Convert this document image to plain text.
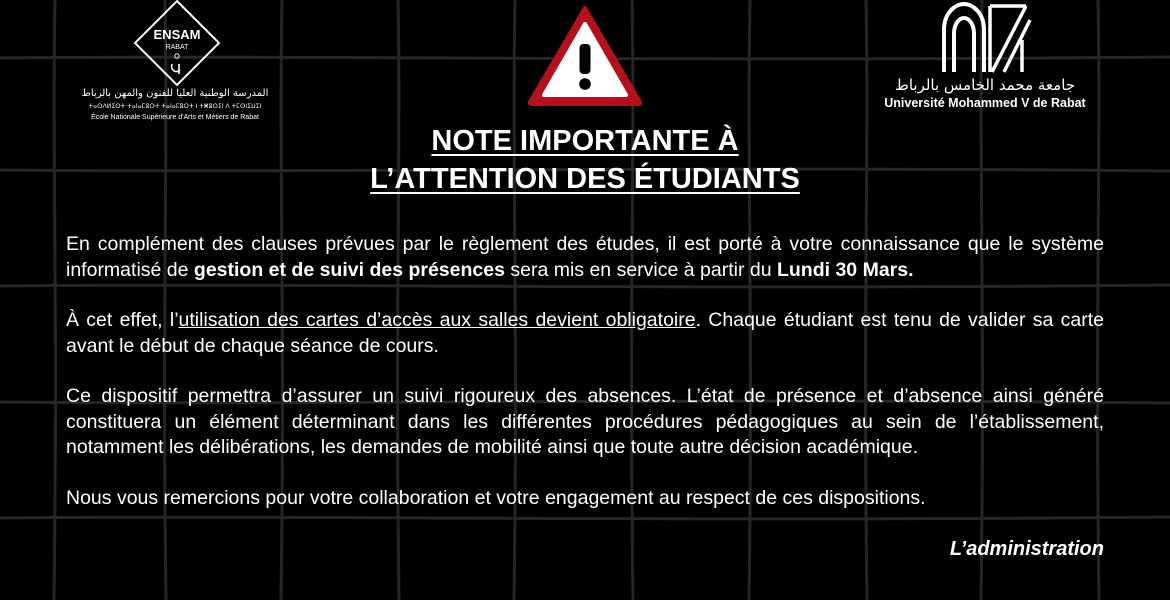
ENSAM
RABAT
المدرسة الوطنية العليا للفنون والمهن بالرباط
ⵜⴰⵙⴷⵍⵉⵙⵜ ⵜⴰⵏⴰⵎⵓⵔⵜ ⵜⴰⵏⴰⵎⵓⵔⵜ ⵏ ⵜⵥⵓⵔⵉⵏ ⴷ ⵜⵎⵙⵏⵉⵡⵉⵏ
École Nationale Supérieure d'Arts et Métiers de Rabat
جامعة محمد الخامس بالرباط
Université Mohammed V de Rabat
NOTE IMPORTANTE À
L’ATTENTION DES ÉTUDIANTS

En complément des clauses prévues par le règlement des études, il est porté à votre connaissance que le système informatisé de gestion et de suivi des présences sera mis en service à partir du Lundi 30 Mars.

À cet effet, l’utilisation des cartes d’accès aux salles devient obligatoire. Chaque étudiant est tenu de valider sa carte avant le début de chaque séance de cours.

Ce dispositif permettra d’assurer un suivi rigoureux des absences. L’état de présence et d’absence ainsi généré constituera un élément déterminant dans les différentes procédures pédagogiques au sein de l’établissement, notamment les délibérations, les demandes de mobilité ainsi que toute autre décision académique.

Nous vous remercions pour votre collaboration et votre engagement au respect de ces dispositions.

L’administration
